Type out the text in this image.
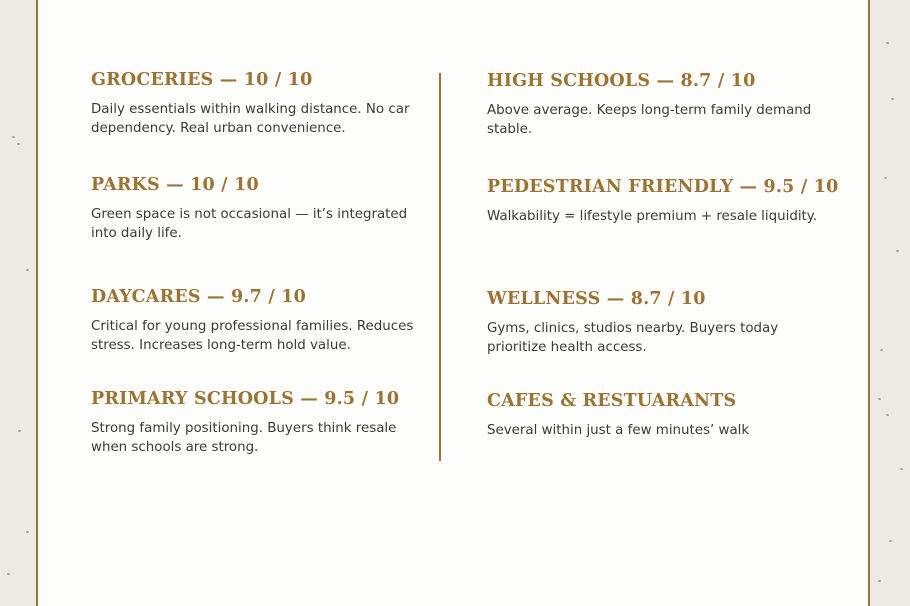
GROCERIES — 10 / 10

Daily essentials within walking distance. No car dependency. Real urban convenience.

PARKS — 10 / 10

Green space is not occasional — it’s integrated into daily life.

DAYCARES — 9.7 / 10

Critical for young professional families. Reduces stress. Increases long-term hold value.

PRIMARY SCHOOLS — 9.5 / 10

Strong family positioning. Buyers think resale when schools are strong.

HIGH SCHOOLS — 8.7 / 10

Above average. Keeps long-term family demand stable.

PEDESTRIAN FRIENDLY — 9.5 / 10

Walkability = lifestyle premium + resale liquidity.

WELLNESS — 8.7 / 10

Gyms, clinics, studios nearby. Buyers today prioritize health access.

CAFES & RESTUARANTS

Several within just a few minutes’ walk
